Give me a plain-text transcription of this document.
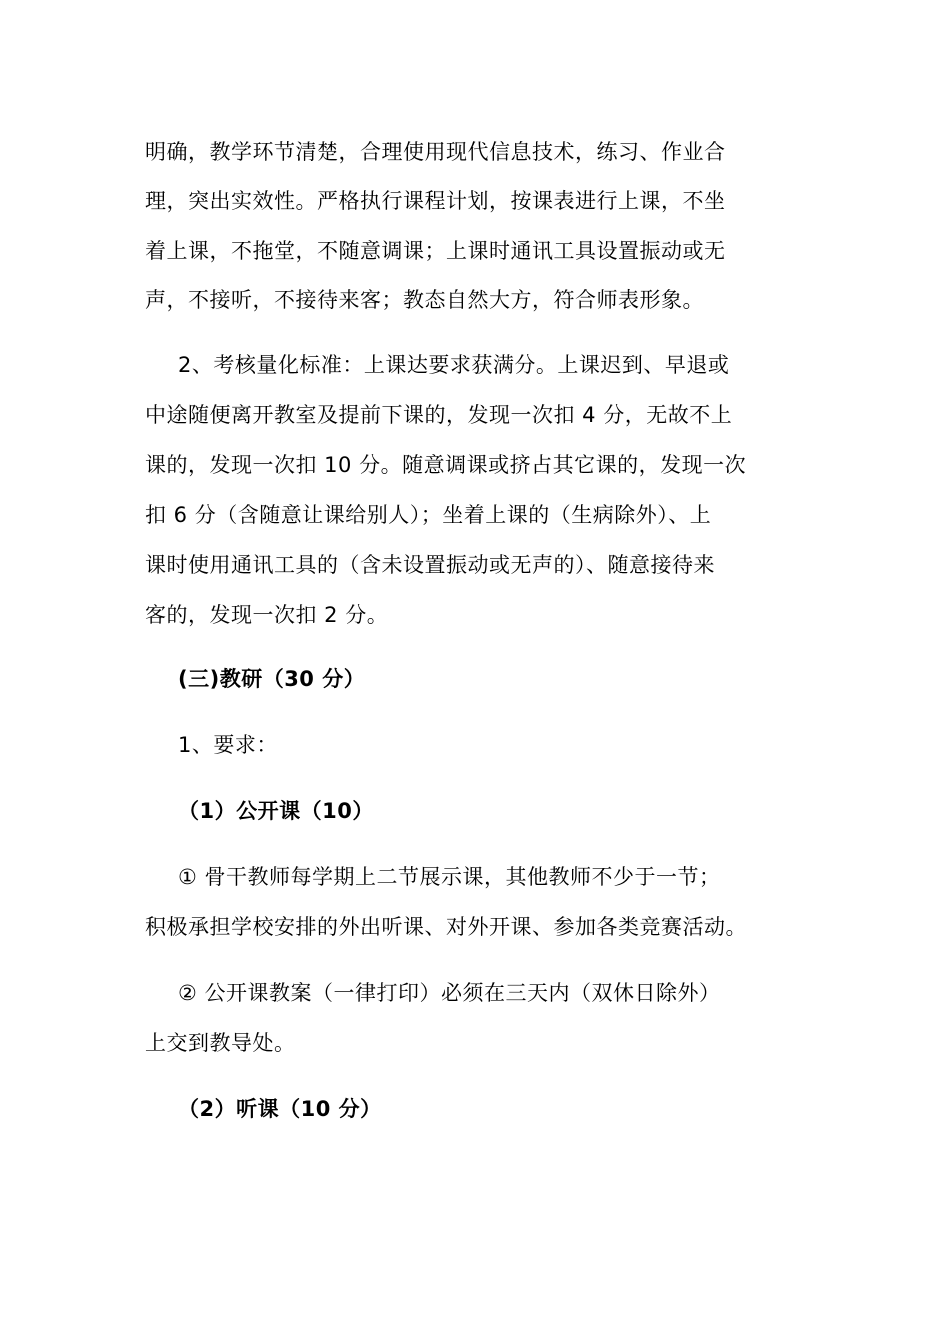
明确，教学环节清楚，合理使用现代信息技术，练习、作业合
理，突出实效性。严格执行课程计划，按课表进行上课，不坐
着上课，不拖堂，不随意调课；上课时通讯工具设置振动或无
声，不接听，不接待来客；教态自然大方，符合师表形象。
2、考核量化标准：上课达要求获满分。上课迟到、早退或
中途随便离开教室及提前下课的，发现一次扣 4 分，无故不上
课的，发现一次扣 10 分。随意调课或挤占其它课的，发现一次
扣 6 分（含随意让课给别人）；坐着上课的（生病除外）、上
课时使用通讯工具的（含未设置振动或无声的）、随意接待来
客的，发现一次扣 2 分。
(三)教研（30 分）
1、要求：
（1）公开课（10）
① 骨干教师每学期上二节展示课，其他教师不少于一节；
积极承担学校安排的外出听课、对外开课、参加各类竞赛活动。
② 公开课教案（一律打印）必须在三天内（双休日除外）
上交到教导处。
（2）听课（10 分）
